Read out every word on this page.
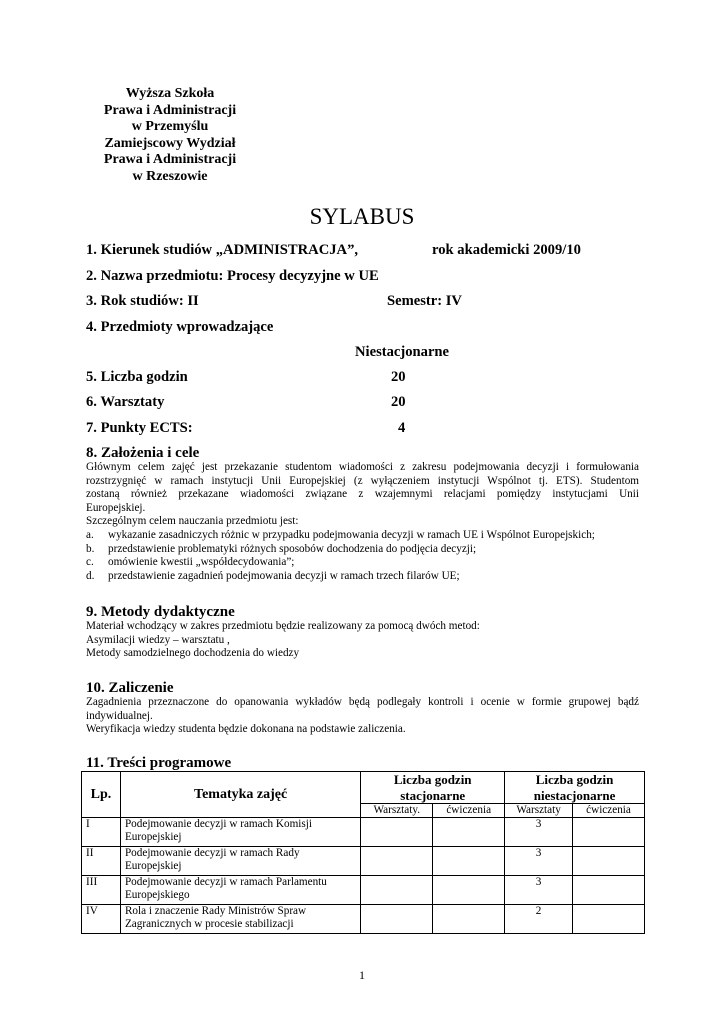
Wyższa Szkoła
Prawa i Administracji
w Przemyślu
Zamiejscowy Wydział
Prawa i Administracji
w Rzeszowie
SYLABUS
1. Kierunek studiów „ADMINISTRACJA”,	rok akademicki 2009/10
2. Nazwa przedmiotu: Procesy decyzyjne w UE
3. Rok studiów: II	Semestr: IV
4. Przedmioty wprowadzające
Niestacjonarne
5. Liczba godzin	20
6. Warsztaty	20
7. Punkty ECTS:	4
8. Założenia i cele
Głównym celem zajęć jest przekazanie studentom wiadomości z zakresu podejmowania decyzji i formułowania
rozstrzygnięć w ramach instytucji Unii Europejskiej (z wyłączeniem instytucji Wspólnot tj. ETS). Studentom
zostaną również przekazane wiadomości związane z wzajemnymi relacjami pomiędzy instytucjami Unii
Europejskiej.
Szczególnym celem nauczania przedmiotu jest:
a.	wykazanie zasadniczych różnic w przypadku podejmowania decyzji w ramach UE i Wspólnot Europejskich;
b.	przedstawienie problematyki różnych sposobów dochodzenia do podjęcia decyzji;
c.	omówienie kwestii „współdecydowania”;
d.	przedstawienie zagadnień podejmowania decyzji w ramach trzech filarów UE;
9. Metody dydaktyczne
Materiał wchodzący w zakres przedmiotu będzie realizowany za pomocą dwóch metod:
Asymilacji wiedzy – warsztatu ,
Metody samodzielnego dochodzenia do wiedzy
10. Zaliczenie
Zagadnienia przeznaczone do opanowania wykładów będą podlegały kontroli i ocenie w formie grupowej bądź
indywidualnej.
Weryfikacja wiedzy studenta będzie dokonana na podstawie zaliczenia.
11. Treści programowe
Lp.	Tematyka zajęć	Liczba godzin stacjonarne		Liczba godzin niestacjonarne	
		Warsztaty.	ćwiczenia	Warsztaty	ćwiczenia
I	Podejmowanie decyzji w ramach Komisji Europejskiej			3	
II	Podejmowanie decyzji w ramach Rady Europejskiej			3	
III	Podejmowanie decyzji w ramach Parlamentu Europejskiego			3	
IV	Rola i znaczenie Rady Ministrów Spraw Zagranicznych w procesie stabilizacji			2	
1
